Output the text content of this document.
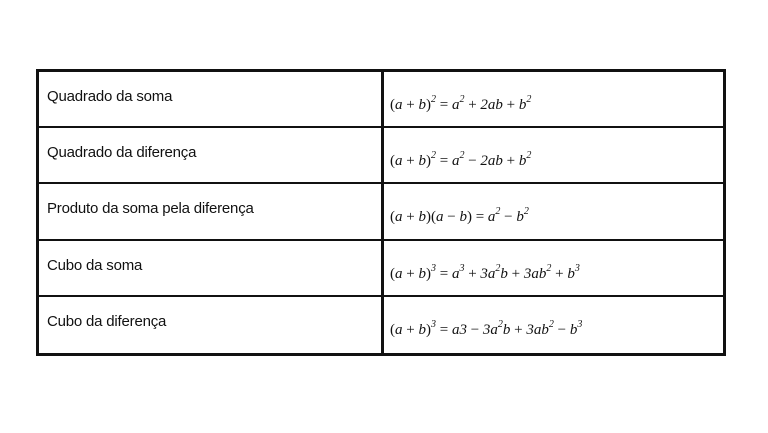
Quadrado da soma	$(a + b)^2 = a^2 + 2ab + b^2$
Quadrado da diferença	$(a + b)^2 = a^2 - 2ab + b^2$
Produto da soma pela diferença	$(a + b)(a - b) = a^2 - b^2$
Cubo da soma	$(a + b)^3 = a^3 + 3a^2b + 3ab^2 + b^3$
Cubo da diferença	$(a + b)^3 = a3 - 3a^2b + 3ab^2 - b^3$
